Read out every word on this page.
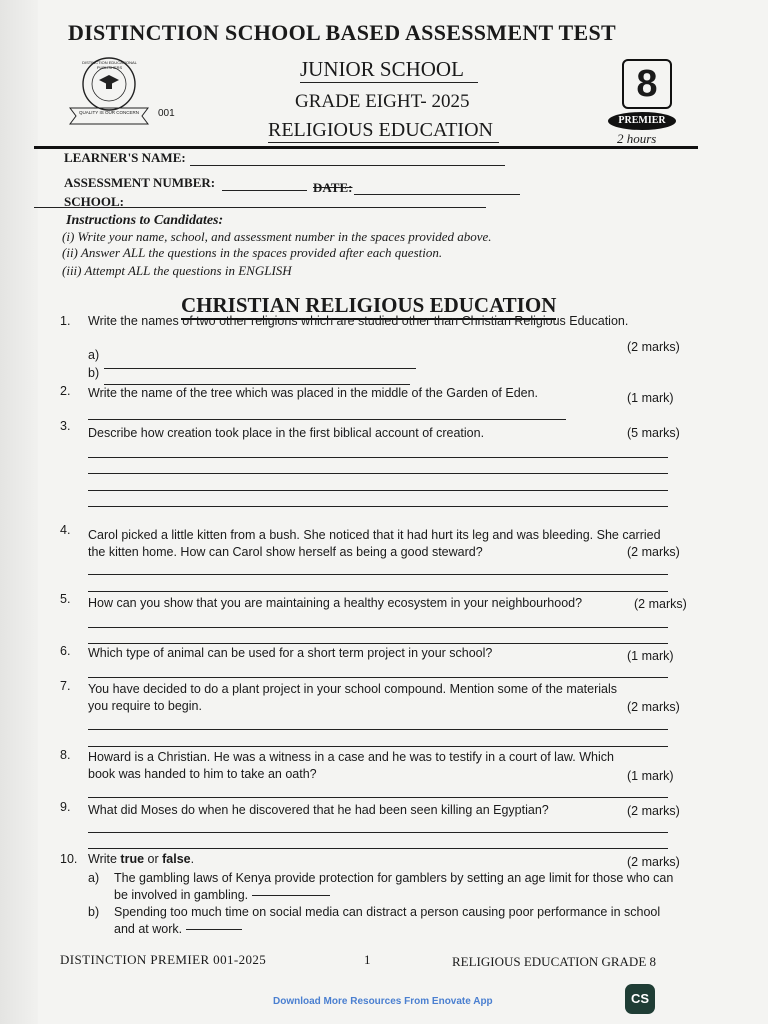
DISTINCTION SCHOOL BASED ASSESSMENT TEST
QUALITY IS OUR CONCERN
DISTINCTION EDUCATIONAL PUBLISHERS
001
JUNIOR SCHOOL
GRADE EIGHT- 2025
RELIGIOUS EDUCATION
8
PREMIER
2 hours
LEARNER'S NAME:
ASSESSMENT NUMBER:	DATE:
SCHOOL:
Instructions to Candidates:
(i) Write your name, school, and assessment number in the spaces provided above.
(ii) Answer ALL the questions in the spaces provided after each question.
(iii) Attempt ALL the questions in ENGLISH
CHRISTIAN RELIGIOUS EDUCATION
1. Write the names of two other religions which are studied other than Christian Religious Education.
(2 marks)
a)
b)
2. Write the name of the tree which was placed in the middle of the Garden of Eden.	(1 mark)
3. Describe how creation took place in the first biblical account of creation.	(5 marks)
4. Carol picked a little kitten from a bush. She noticed that it had hurt its leg and was bleeding. She carried the kitten home. How can Carol show herself as being a good steward?	(2 marks)
5. How can you show that you are maintaining a healthy ecosystem in your neighbourhood?	(2 marks)
6. Which type of animal can be used for a short term project in your school?	(1 mark)
7. You have decided to do a plant project in your school compound. Mention some of the materials you require to begin.	(2 marks)
8. Howard is a Christian. He was a witness in a case and he was to testify in a court of law. Which book was handed to him to take an oath?	(1 mark)
9. What did Moses do when he discovered that he had been seen killing an Egyptian?	(2 marks)
10. Write true or false.	(2 marks)
a) The gambling laws of Kenya provide protection for gamblers by setting an age limit for those who can be involved in gambling.
b) Spending too much time on social media can distract a person causing poor performance in school and at work.
DISTINCTION PREMIER 001-2025	1	RELIGIOUS EDUCATION GRADE 8
Download More Resources From Enovate App	CS
